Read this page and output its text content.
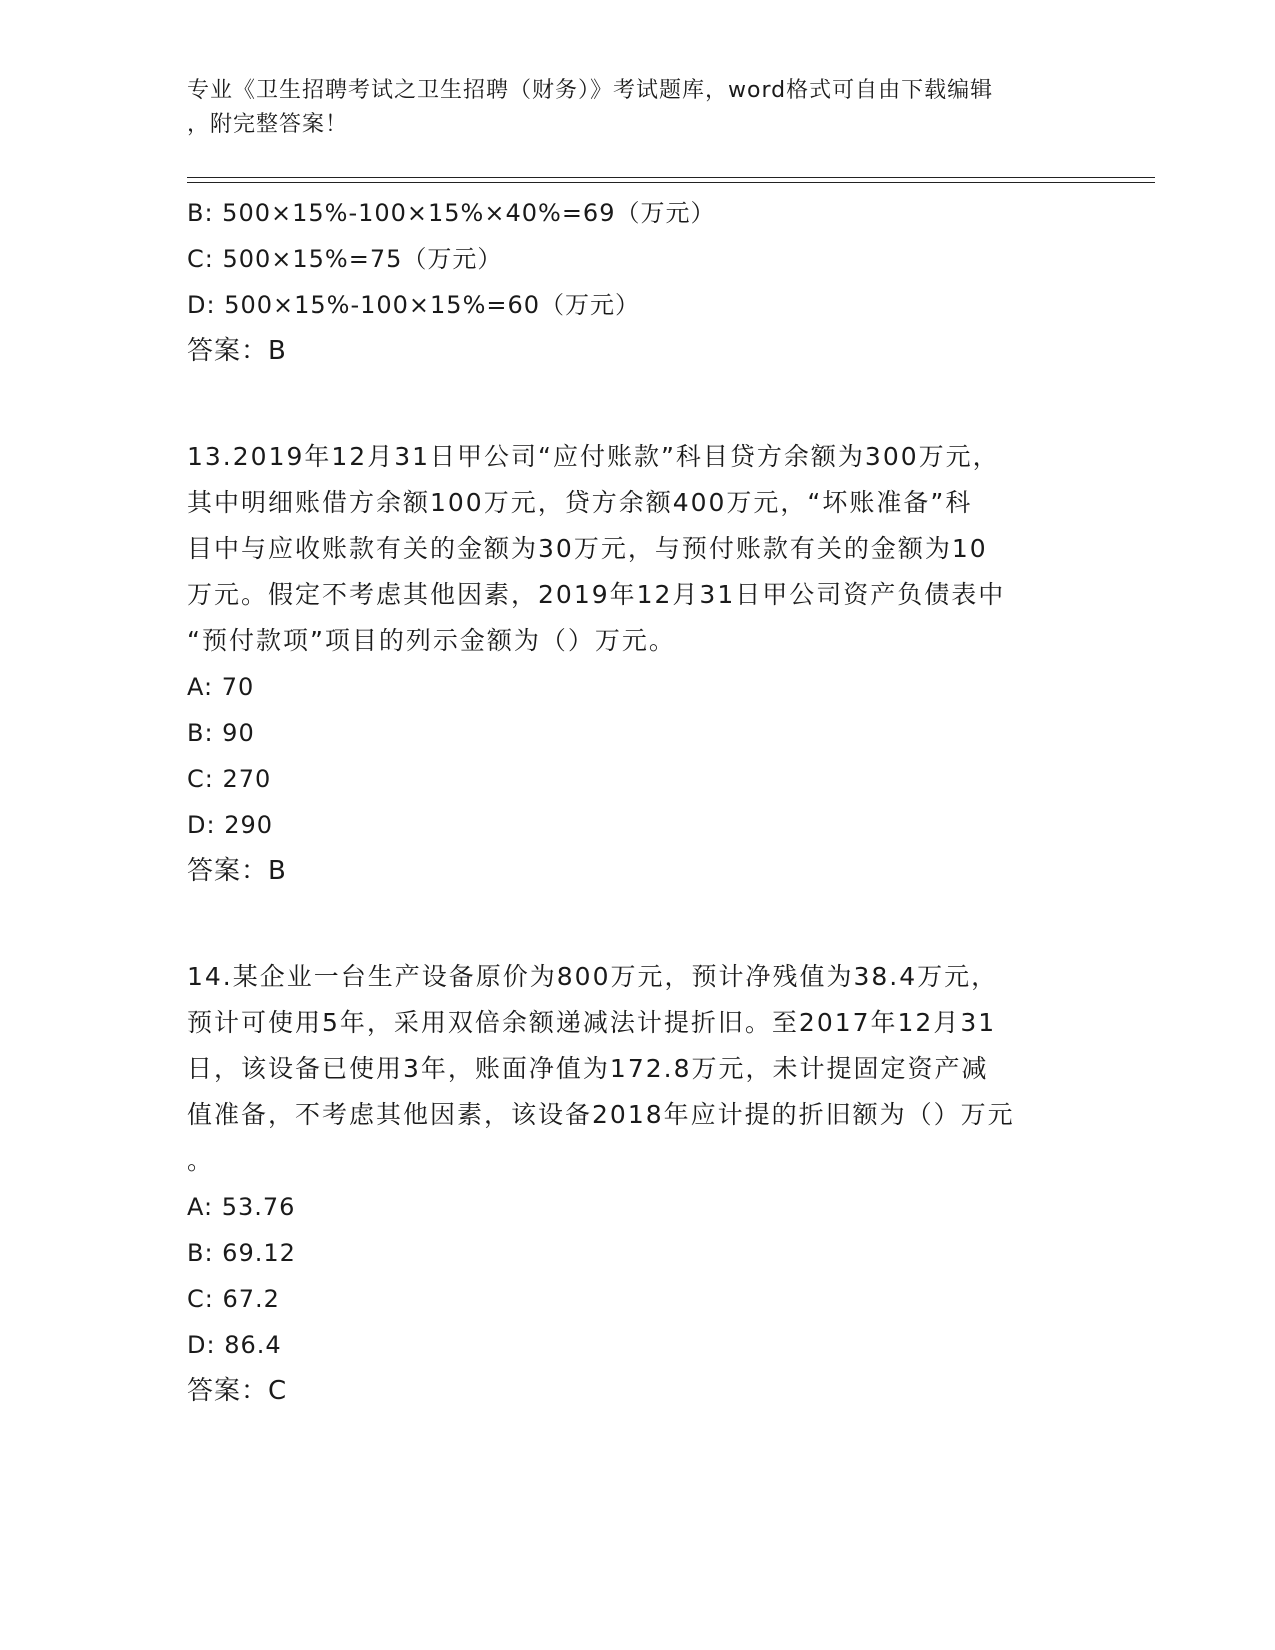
专业《卫生招聘考试之卫生招聘（财务）》考试题库，word格式可自由下载编辑
，附完整答案！
B: 500×15%-100×15%×40%=69（万元）
C: 500×15%=75（万元）
D: 500×15%-100×15%=60（万元）
答案：B
13.2019年12月31日甲公司“应付账款”科目贷方余额为300万元，
其中明细账借方余额100万元，贷方余额400万元，“坏账准备”科
目中与应收账款有关的金额为30万元，与预付账款有关的金额为10
万元。假定不考虑其他因素，2019年12月31日甲公司资产负债表中
“预付款项”项目的列示金额为（）万元。
A: 70
B: 90
C: 270
D: 290
答案：B
14.某企业一台生产设备原价为800万元，预计净残值为38.4万元，
预计可使用5年，采用双倍余额递减法计提折旧。至2017年12月31
日，该设备已使用3年，账面净值为172.8万元，未计提固定资产减
值准备，不考虑其他因素，该设备2018年应计提的折旧额为（）万元
。
A: 53.76
B: 69.12
C: 67.2
D: 86.4
答案：C
